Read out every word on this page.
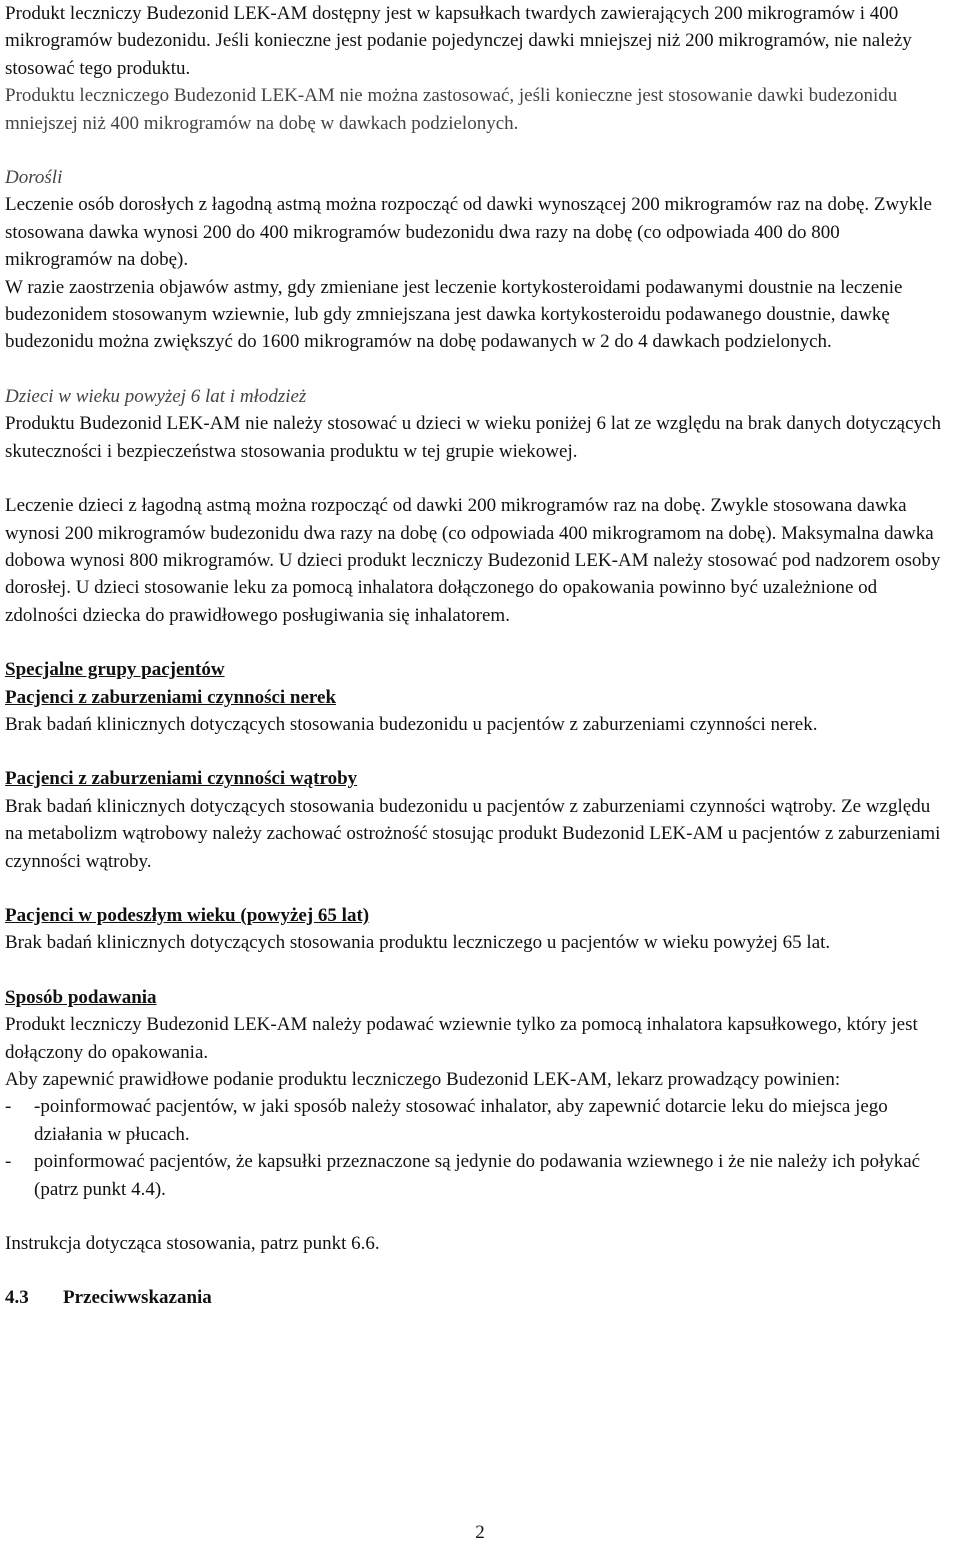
Produkt leczniczy Budezonid LEK-AM dostępny jest w kapsułkach twardych zawierających 200 mikrogramów i 400 mikrogramów budezonidu. Jeśli konieczne jest podanie pojedynczej dawki mniejszej niż 200 mikrogramów, nie należy stosować tego produktu.

Produktu leczniczego Budezonid LEK-AM nie można zastosować, jeśli konieczne jest stosowanie dawki budezonidu mniejszej niż 400 mikrogramów na dobę w dawkach podzielonych.

Dorośli

Leczenie osób dorosłych z łagodną astmą można rozpocząć od dawki wynoszącej 200 mikrogramów raz na dobę. Zwykle stosowana dawka wynosi 200 do 400 mikrogramów budezonidu dwa razy na dobę (co odpowiada 400 do 800 mikrogramów na dobę).

W razie zaostrzenia objawów astmy, gdy zmieniane jest leczenie kortykosteroidami podawanymi doustnie na leczenie budezonidem stosowanym wziewnie, lub gdy zmniejszana jest dawka kortykosteroidu podawanego doustnie, dawkę budezonidu można zwiększyć do 1600 mikrogramów na dobę podawanych w 2 do 4 dawkach podzielonych.

Dzieci w wieku powyżej 6 lat i młodzież

Produktu Budezonid LEK-AM nie należy stosować u dzieci w wieku poniżej 6 lat ze względu na brak danych dotyczących skuteczności i bezpieczeństwa stosowania produktu w tej grupie wiekowej.

Leczenie dzieci z łagodną astmą można rozpocząć od dawki 200 mikrogramów raz na dobę. Zwykle stosowana dawka wynosi 200 mikrogramów budezonidu dwa razy na dobę (co odpowiada 400 mikrogramom na dobę). Maksymalna dawka dobowa wynosi 800 mikrogramów. U dzieci produkt leczniczy Budezonid LEK-AM należy stosować pod nadzorem osoby dorosłej. U dzieci stosowanie leku za pomocą inhalatora dołączonego do opakowania powinno być uzależnione od zdolności dziecka do prawidłowego posługiwania się inhalatorem.

Specjalne grupy pacjentów

Pacjenci z zaburzeniami czynności nerek

Brak badań klinicznych dotyczących stosowania budezonidu u pacjentów z zaburzeniami czynności nerek.

Pacjenci z zaburzeniami czynności wątroby

Brak badań klinicznych dotyczących stosowania budezonidu u pacjentów z zaburzeniami czynności wątroby. Ze względu na metabolizm wątrobowy należy zachować ostrożność stosując produkt Budezonid LEK-AM u pacjentów z zaburzeniami czynności wątroby.

Pacjenci w podeszłym wieku (powyżej 65 lat)

Brak badań klinicznych dotyczących stosowania produktu leczniczego u pacjentów w wieku powyżej 65 lat.

Sposób podawania

Produkt leczniczy Budezonid LEK-AM należy podawać wziewnie tylko za pomocą inhalatora kapsułkowego, który jest dołączony do opakowania.

Aby zapewnić prawidłowe podanie produktu leczniczego Budezonid LEK-AM, lekarz prowadzący powinien:

-	-poinformować pacjentów, w jaki sposób należy stosować inhalator, aby zapewnić dotarcie leku do miejsca jego działania w płucach.
-	poinformować pacjentów, że kapsułki przeznaczone są jedynie do podawania wziewnego i że nie należy ich połykać (patrz punkt 4.4).

Instrukcja dotycząca stosowania, patrz punkt 6.6.

4.3 Przeciwwskazania

2
